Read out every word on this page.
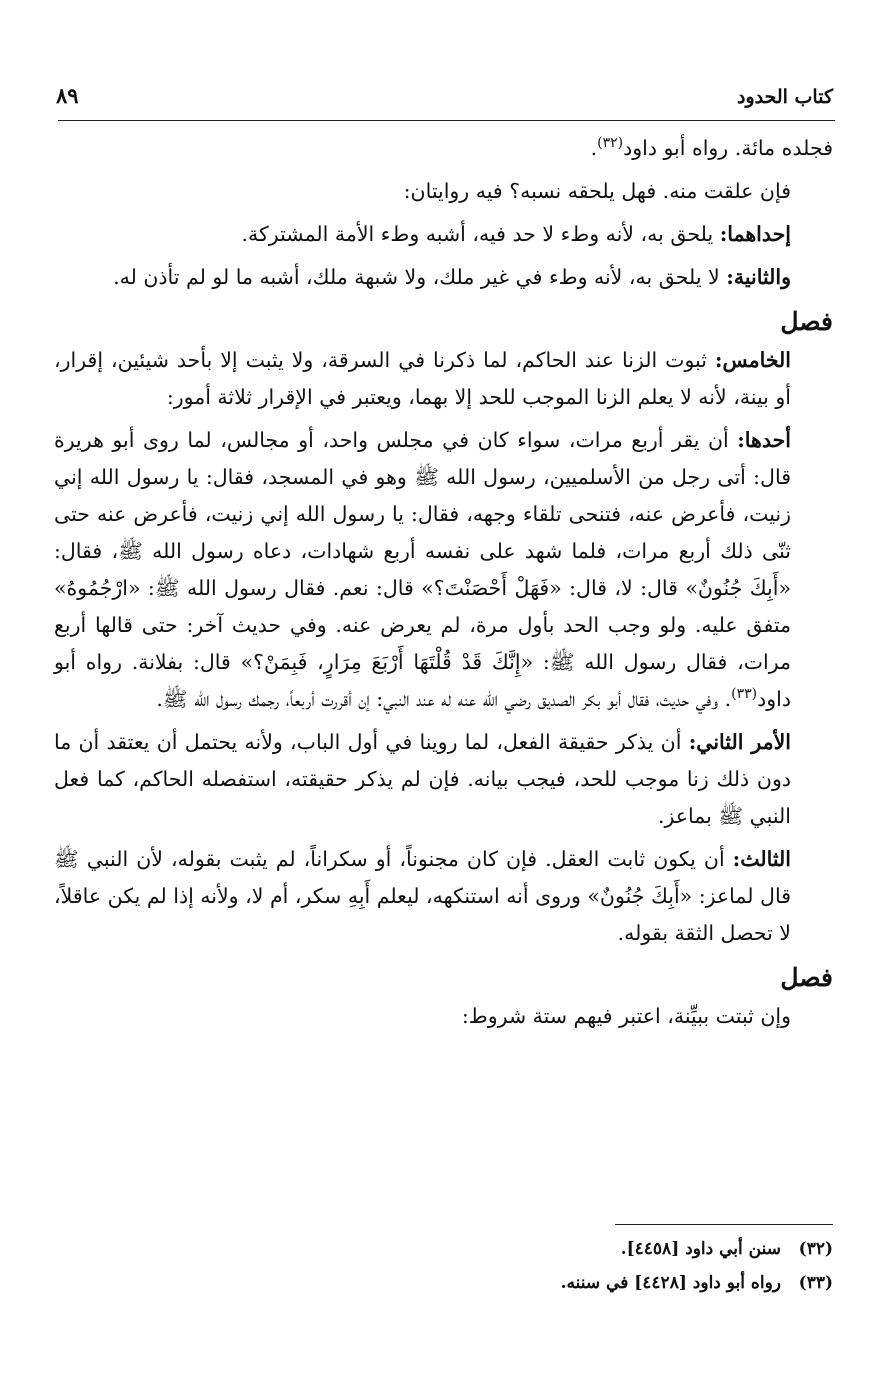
كتاب الحدود
٨٩

فجلده مائة. رواه أبو داود$^{(٣٢)}$.

فإن علقت منه. فهل يلحقه نسبه؟ فيه روايتان:

إحداهما: يلحق به، لأنه وطء لا حد فيه، أشبه وطء الأمة المشتركة.

والثانية: لا يلحق به، لأنه وطء في غير ملك، ولا شبهة ملك، أشبه ما لو لم تأذن له.

فصل

الخامس: ثبوت الزنا عند الحاكم، لما ذكرنا في السرقة، ولا يثبت إلا بأحد شيئين، إقرار، أو بينة، لأنه لا يعلم الزنا الموجب للحد إلا بهما، ويعتبر في الإقرار ثلاثة أمور:

أحدها: أن يقر أربع مرات، سواء كان في مجلس واحد، أو مجالس، لما روى أبو هريرة قال: أتى رجل من الأسلميين، رسول الله ﷺ وهو في المسجد، فقال: يا رسول الله إني زنيت، فأعرض عنه، فتنحى تلقاء وجهه، فقال: يا رسول الله إني زنيت، فأعرض عنه حتى ثنّى ذلك أربع مرات، فلما شهد على نفسه أربع شهادات، دعاه رسول الله ﷺ، فقال: «أَبِكَ جُنُونٌ» قال: لا، قال: «فَهَلْ أَحْصَنْتَ؟» قال: نعم. فقال رسول الله ﷺ: «ارْجُمُوهُ» متفق عليه. ولو وجب الحد بأول مرة، لم يعرض عنه. وفي حديث آخر: حتى قالها أربع مرات، فقال رسول الله ﷺ: «إِنَّكَ قَدْ قُلْتَهَا أَرْبَعَ مِرَارٍ، فَبِمَنْ؟» قال: بفلانة. رواه أبو داود$^{(٣٣)}$. وفي حديث، فقال أبو بكر الصديق رضي الله عنه له عند النبي: إن أقررت أربعاً، رجمك رسول الله ﷺ.

الأمر الثاني: أن يذكر حقيقة الفعل، لما روينا في أول الباب، ولأنه يحتمل أن يعتقد أن ما دون ذلك زنا موجب للحد، فيجب بيانه. فإن لم يذكر حقيقته، استفصله الحاكم، كما فعل النبي ﷺ بماعز.

الثالث: أن يكون ثابت العقل. فإن كان مجنوناً، أو سكراناً، لم يثبت بقوله، لأن النبي ﷺ قال لماعز: «أَبِكَ جُنُونٌ» وروى أنه استنكهه، ليعلم أَبِهِ سكر، أم لا، ولأنه إذا لم يكن عاقلاً، لا تحصل الثقة بقوله.

فصل

وإن ثبتت ببيِّنة، اعتبر فيهم ستة شروط:

(٣٢)سنن أبي داود [٤٤٥٨].
(٣٣)رواه أبو داود [٤٤٢٨] في سننه.
